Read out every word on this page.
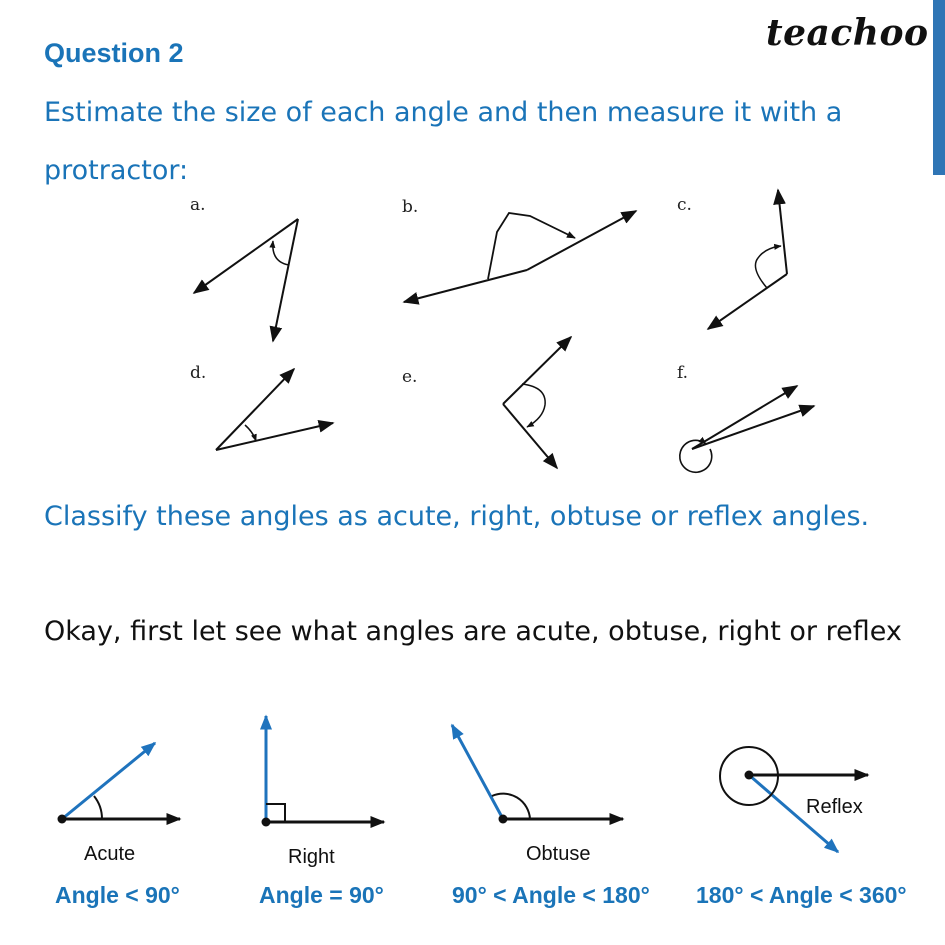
Question 2	teachoo
Estimate the size of each angle and then measure it with a
protractor:
Classify these angles as acute, right, obtuse or reflex angles.
Okay, first let see what angles are acute, obtuse, right or reflex
a.	b.	c.
d.	e.	f.
Acute
Angle < 90°
Right
Angle = 90°
Obtuse
90° < Angle < 180°
Reflex
180° < Angle < 360°
